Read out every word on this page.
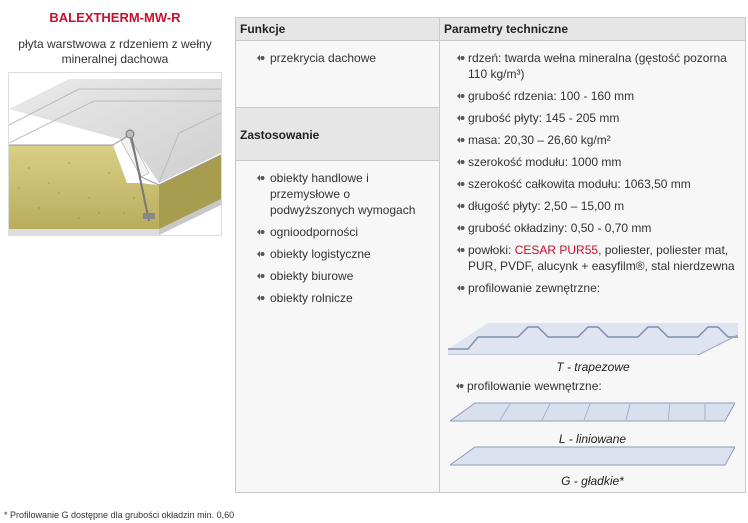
BALEXTHERM-MW-R
płyta warstwowa z rdzeniem z wełny mineralnej dachowa
Funkcje
przekrycia dachowe
Zastosowanie
obiekty handlowe i przemysłowe o podwyższonych wymogach
ognioodporności
obiekty logistyczne
obiekty biurowe
obiekty rolnicze
Parametry techniczne
rdzeń: twarda wełna mineralna (gęstość pozorna 110 kg/m³)
grubość rdzenia: 100 - 160 mm
grubość płyty: 145 - 205 mm
masa: 20,30 – 26,60 kg/m²
szerokość modułu: 1000 mm
szerokość całkowita modułu: 1063,50 mm
długość płyty: 2,50 – 15,00 m
grubość okładziny: 0,50 - 0,70 mm
powłoki: CESAR PUR55, poliester, poliester mat, PUR, PVDF, alucynk + easyfilm®, stal nierdzewna
profilowanie zewnętrzne:
T - trapezowe
profilowanie wewnętrzne:
L - liniowane
G - gładkie*
* Profilowanie G dostępne dla grubości okładzin min. 0,60
